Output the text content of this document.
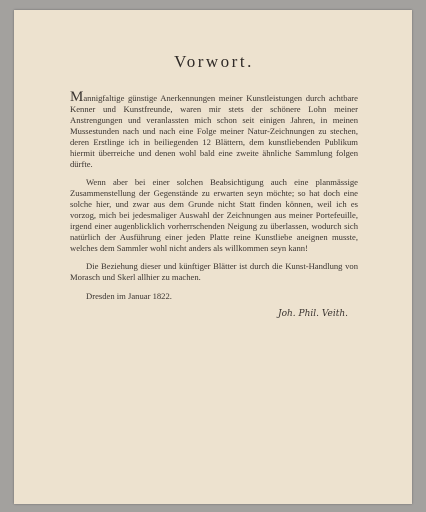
Vorwort.

Mannigfaltige günstige Anerkennungen meiner Kunstleistungen durch achtbare Kenner und Kunstfreunde, waren mir stets der schönere Lohn meiner Anstrengungen und veranlassten mich schon seit einigen Jahren, in meinen Mussestunden nach und nach eine Folge meiner Natur-Zeichnungen zu stechen, deren Erstlinge ich in beiliegenden 12 Blättern, dem kunstliebenden Publikum hiermit überreiche und denen wohl bald eine zweite ähnliche Sammlung folgen dürfte.

Wenn aber bei einer solchen Beabsichtigung auch eine planmässige Zusammenstellung der Gegenstände zu erwarten seyn möchte; so hat doch eine solche hier, und zwar aus dem Grunde nicht Statt finden können, weil ich es vorzog, mich bei jedesmaliger Auswahl der Zeichnungen aus meiner Portefeuille, irgend einer augenblicklich vorherrschenden Neigung zu überlassen, wodurch sich natürlich der Ausführung einer jeden Platte reine Kunstliebe aneignen musste, welches dem Sammler wohl nicht anders als willkommen seyn kann!

Die Beziehung dieser und künftiger Blätter ist durch die Kunst-Handlung von Morasch und Skerl allhier zu machen.

Dresden im Januar 1822.

Joh. Phil. Veith.
